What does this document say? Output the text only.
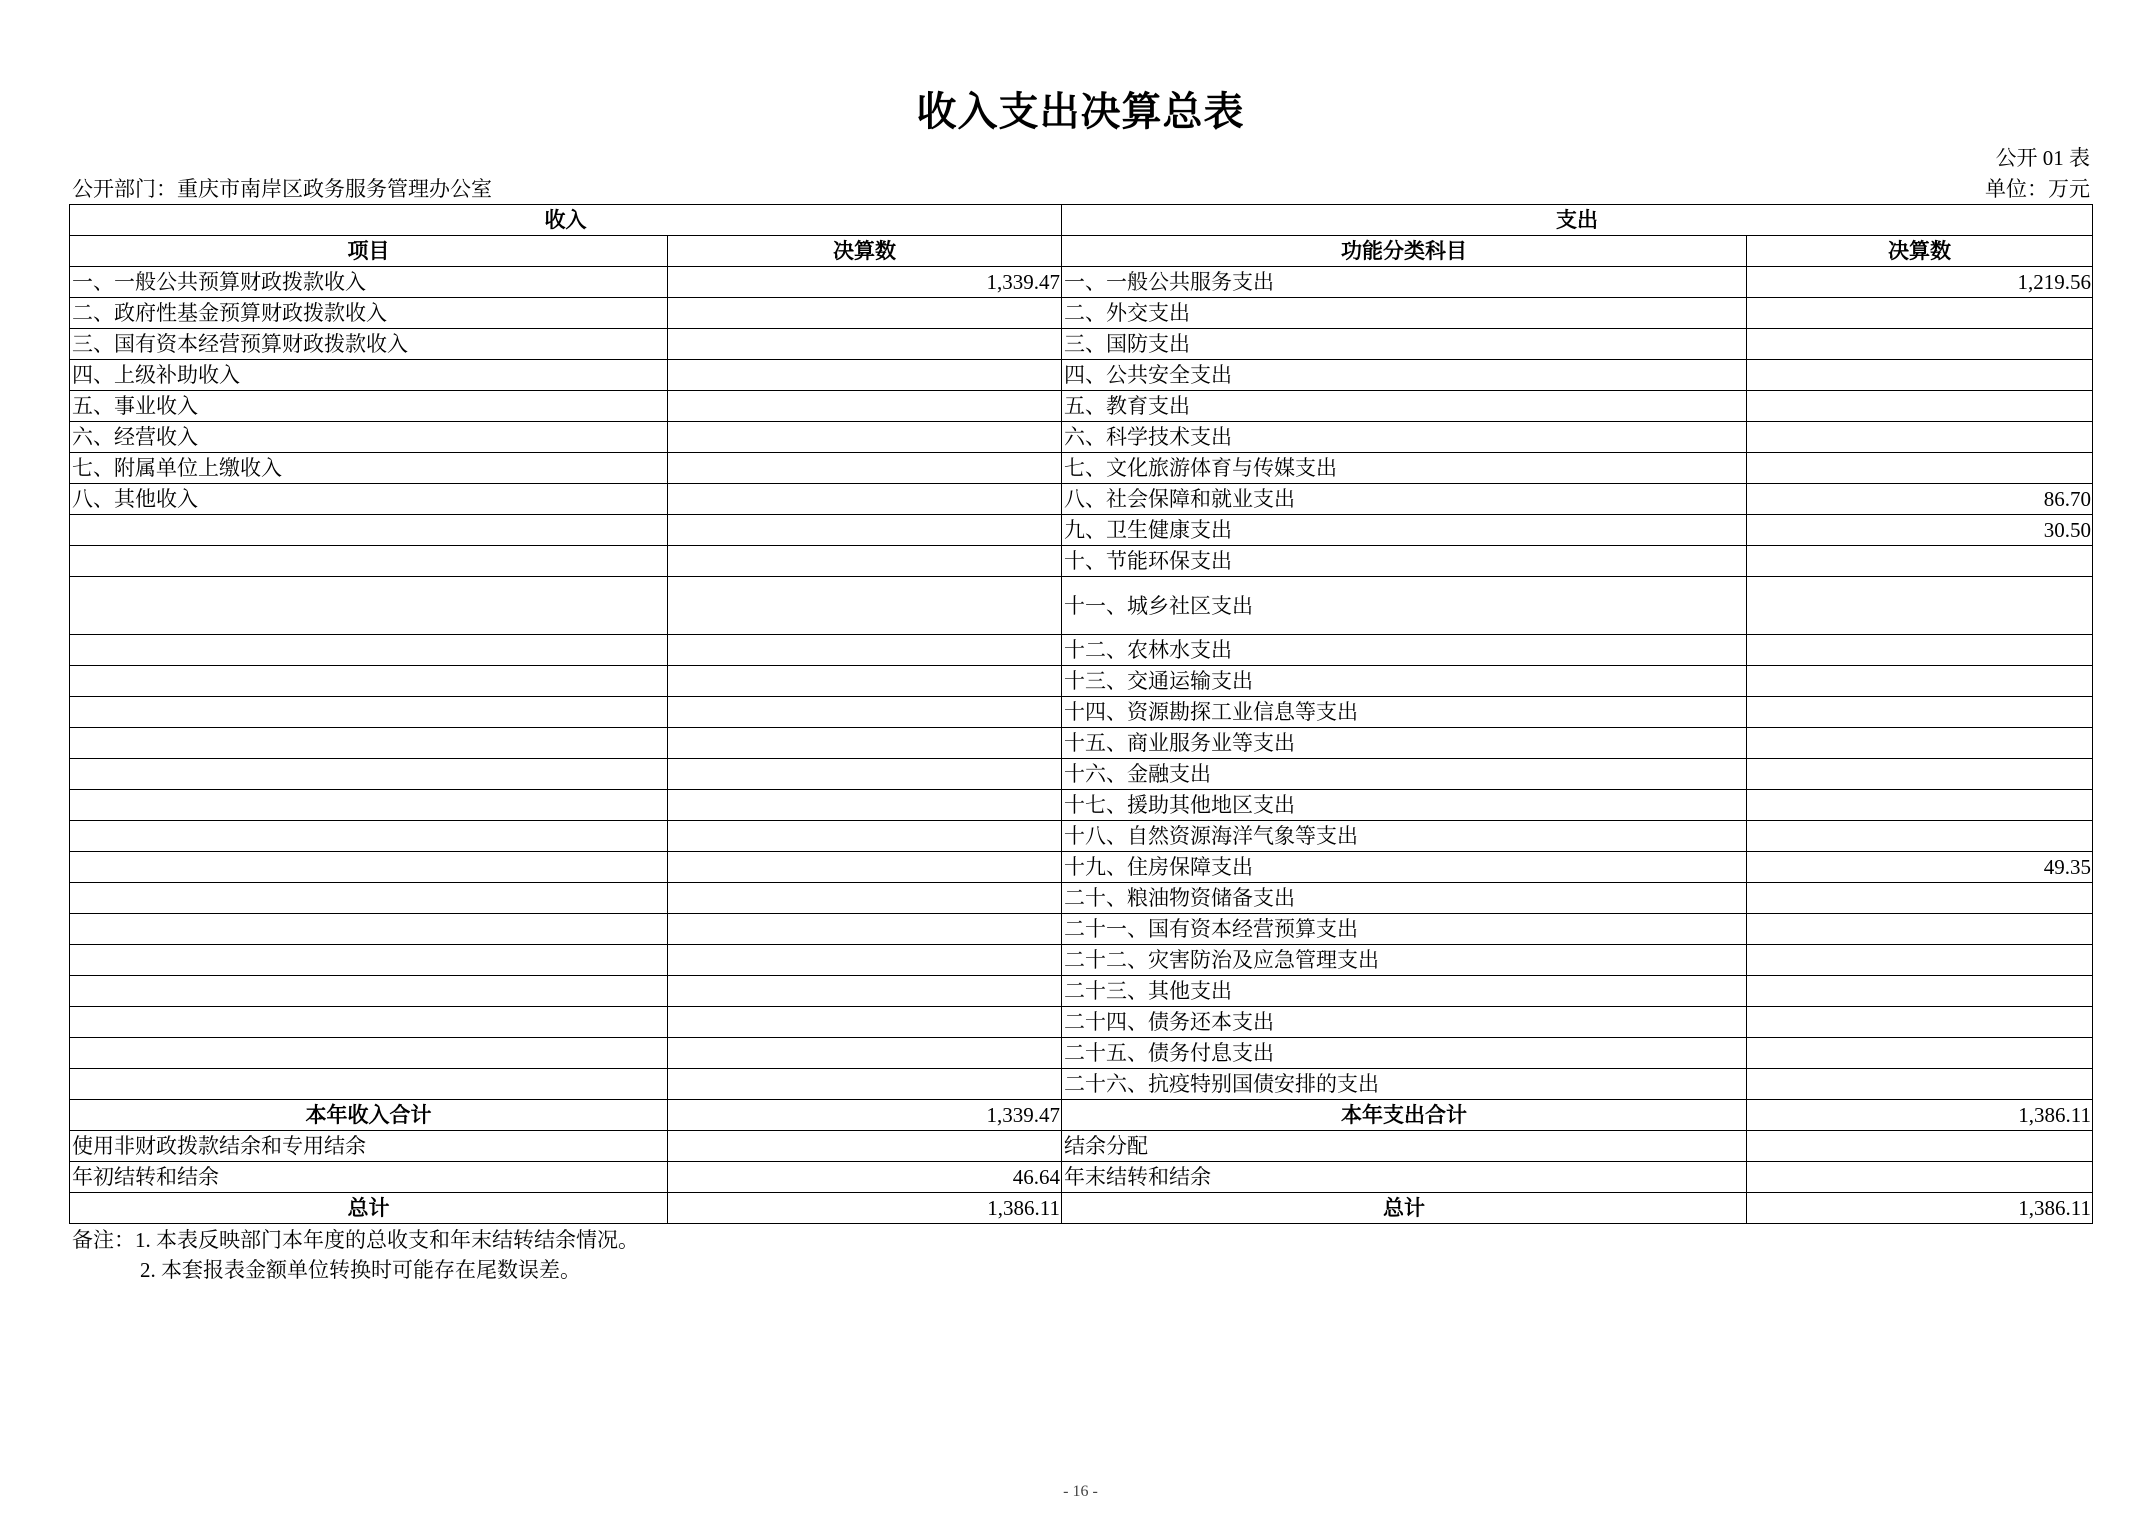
收入支出决算总表
公开 01 表
公开部门：重庆市南岸区政务服务管理办公室	单位：万元
收入		支出	
项目	决算数	功能分类科目	决算数
一、一般公共预算财政拨款收入	1,339.47	一、一般公共服务支出	1,219.56
二、政府性基金预算财政拨款收入		二、外交支出	
三、国有资本经营预算财政拨款收入		三、国防支出	
四、上级补助收入		四、公共安全支出	
五、事业收入		五、教育支出	
六、经营收入		六、科学技术支出	
七、附属单位上缴收入		七、文化旅游体育与传媒支出	
八、其他收入		八、社会保障和就业支出	86.70
		九、卫生健康支出	30.50
		十、节能环保支出	
		十一、城乡社区支出	
		十二、农林水支出	
		十三、交通运输支出	
		十四、资源勘探工业信息等支出	
		十五、商业服务业等支出	
		十六、金融支出	
		十七、援助其他地区支出	
		十八、自然资源海洋气象等支出	
		十九、住房保障支出	49.35
		二十、粮油物资储备支出	
		二十一、国有资本经营预算支出	
		二十二、灾害防治及应急管理支出	
		二十三、其他支出	
		二十四、债务还本支出	
		二十五、债务付息支出	
		二十六、抗疫特别国债安排的支出	
本年收入合计	1,339.47	本年支出合计	1,386.11
使用非财政拨款结余和专用结余		结余分配	
年初结转和结余	46.64	年末结转和结余	
总计	1,386.11	总计	1,386.11
备注：1. 本表反映部门本年度的总收支和年末结转结余情况。
2. 本套报表金额单位转换时可能存在尾数误差。
- 16 -
